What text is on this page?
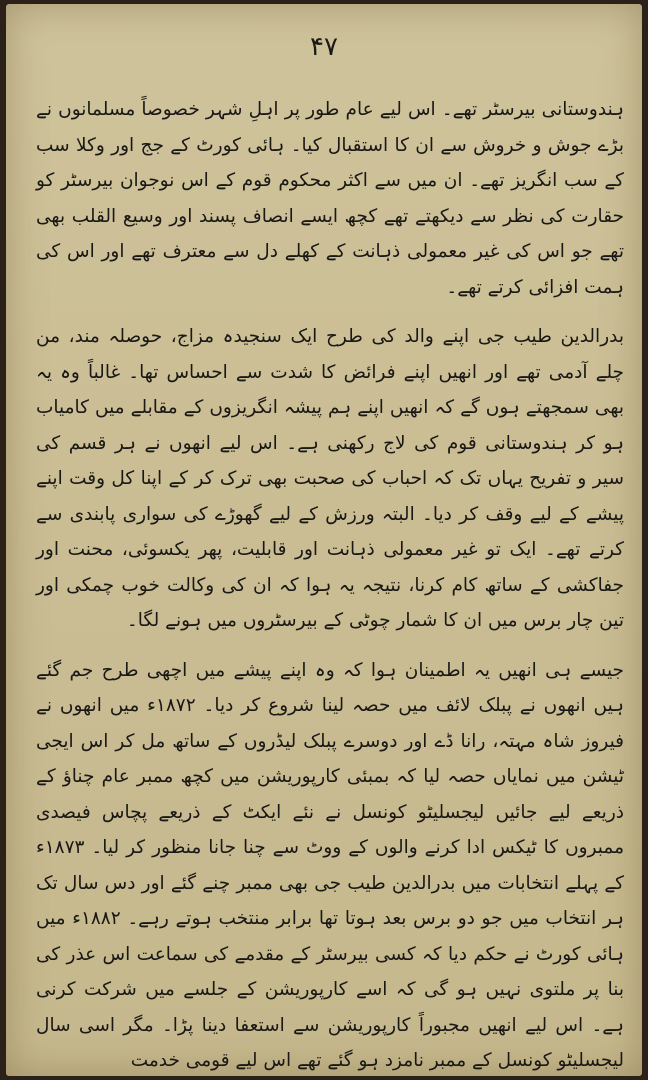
۴۷

ہندوستانی بیرسٹر تھے۔ اس لیے عام طور پر اہلِ شہر خصوصاً مسلمانوں نے بڑے جوش و خروش سے ان کا استقبال کیا۔ ہائی کورٹ کے جج اور وکلا سب کے سب انگریز تھے۔ ان میں سے اکثر محکوم قوم کے اس نوجوان بیرسٹر کو حقارت کی نظر سے دیکھتے تھے کچھ ایسے انصاف پسند اور وسیع القلب بھی تھے جو اس کی غیر معمولی ذہانت کے کھلے دل سے معترف تھے اور اس کی ہمت افزائی کرتے تھے۔

بدرالدین طیب جی اپنے والد کی طرح ایک سنجیدہ مزاج، حوصلہ مند، من چلے آدمی تھے اور انھیں اپنے فرائض کا شدت سے احساس تھا۔ غالباً وہ یہ بھی سمجھتے ہوں گے کہ انھیں اپنے ہم پیشہ انگریزوں کے مقابلے میں کامیاب ہو کر ہندوستانی قوم کی لاج رکھنی ہے۔ اس لیے انھوں نے ہر قسم کی سیر و تفریح یہاں تک کہ احباب کی صحبت بھی ترک کر کے اپنا کل وقت اپنے پیشے کے لیے وقف کر دیا۔ البتہ ورزش کے لیے گھوڑے کی سواری پابندی سے کرتے تھے۔ ایک تو غیر معمولی ذہانت اور قابلیت، پھر یکسوئی، محنت اور جفاکشی کے ساتھ کام کرنا، نتیجہ یہ ہوا کہ ان کی وکالت خوب چمکی اور تین چار برس میں ان کا شمار چوٹی کے بیرسٹروں میں ہونے لگا۔

جیسے ہی انھیں یہ اطمینان ہوا کہ وہ اپنے پیشے میں اچھی طرح جم گئے ہیں انھوں نے پبلک لائف میں حصہ لینا شروع کر دیا۔ ۱۸۷۲ء میں انھوں نے فیروز شاہ مہتہ، رانا ڈے اور دوسرے پبلک لیڈروں کے ساتھ مل کر اس ایجی ٹیشن میں نمایاں حصہ لیا کہ بمبئی کارپوریشن میں کچھ ممبر عام چناؤ کے ذریعے لیے جائیں لیجسلیٹو کونسل نے نئے ایکٹ کے ذریعے پچاس فیصدی ممبروں کا ٹیکس ادا کرنے والوں کے ووٹ سے چنا جانا منظور کر لیا۔ ۱۸۷۳ء کے پہلے انتخابات میں بدرالدین طیب جی بھی ممبر چنے گئے اور دس سال تک ہر انتخاب میں جو دو برس بعد ہوتا تھا برابر منتخب ہوتے رہے۔ ۱۸۸۲ء میں ہائی کورٹ نے حکم دیا کہ کسی بیرسٹر کے مقدمے کی سماعت اس عذر کی بنا پر ملتوی نہیں ہو گی کہ اسے کارپوریشن کے جلسے میں شرکت کرنی ہے۔ اس لیے انھیں مجبوراً کارپوریشن سے استعفا دینا پڑا۔ مگر اسی سال لیجسلیٹو کونسل کے ممبر نامزد ہو گئے تھے اس لیے قومی خدمت
